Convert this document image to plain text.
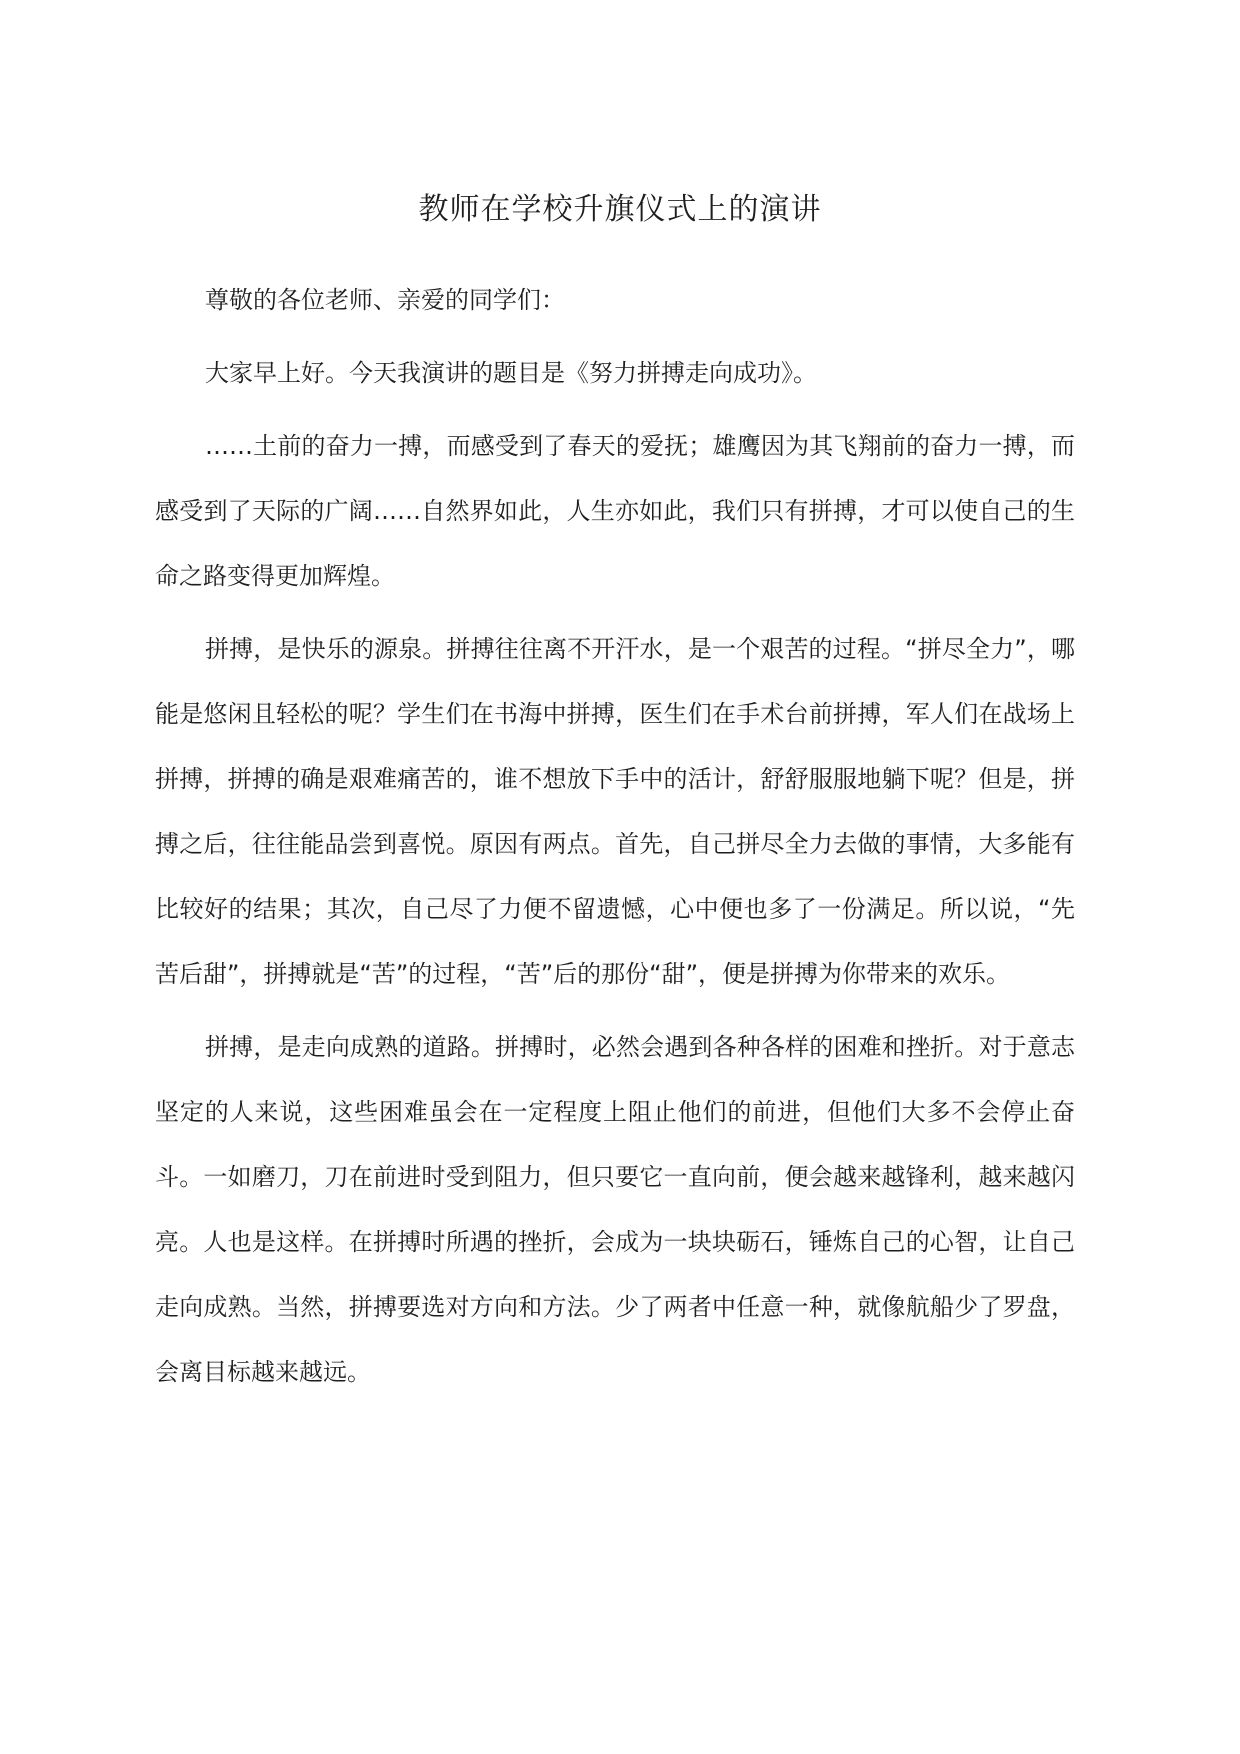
教师在学校升旗仪式上的演讲

尊敬的各位老师、亲爱的同学们：

大家早上好。今天我演讲的题目是《努力拼搏走向成功》。

……土前的奋力一搏，而感受到了春天的爱抚；雄鹰因为其飞翔前的奋力一搏，而感受到了天际的广阔……自然界如此，人生亦如此，我们只有拼搏，才可以使自己的生命之路变得更加辉煌。

拼搏，是快乐的源泉。拼搏往往离不开汗水，是一个艰苦的过程。“拼尽全力”，哪能是悠闲且轻松的呢？学生们在书海中拼搏，医生们在手术台前拼搏，军人们在战场上拼搏，拼搏的确是艰难痛苦的，谁不想放下手中的活计，舒舒服服地躺下呢？但是，拼搏之后，往往能品尝到喜悦。原因有两点。首先，自己拼尽全力去做的事情，大多能有比较好的结果；其次，自己尽了力便不留遗憾，心中便也多了一份满足。所以说，“先苦后甜”，拼搏就是“苦”的过程，“苦”后的那份“甜”，便是拼搏为你带来的欢乐。

拼搏，是走向成熟的道路。拼搏时，必然会遇到各种各样的困难和挫折。对于意志坚定的人来说，这些困难虽会在一定程度上阻止他们的前进，但他们大多不会停止奋斗。一如磨刀，刀在前进时受到阻力，但只要它一直向前，便会越来越锋利，越来越闪亮。人也是这样。在拼搏时所遇的挫折，会成为一块块砺石，锤炼自己的心智，让自己走向成熟。当然，拼搏要选对方向和方法。少了两者中任意一种，就像航船少了罗盘，会离目标越来越远。
